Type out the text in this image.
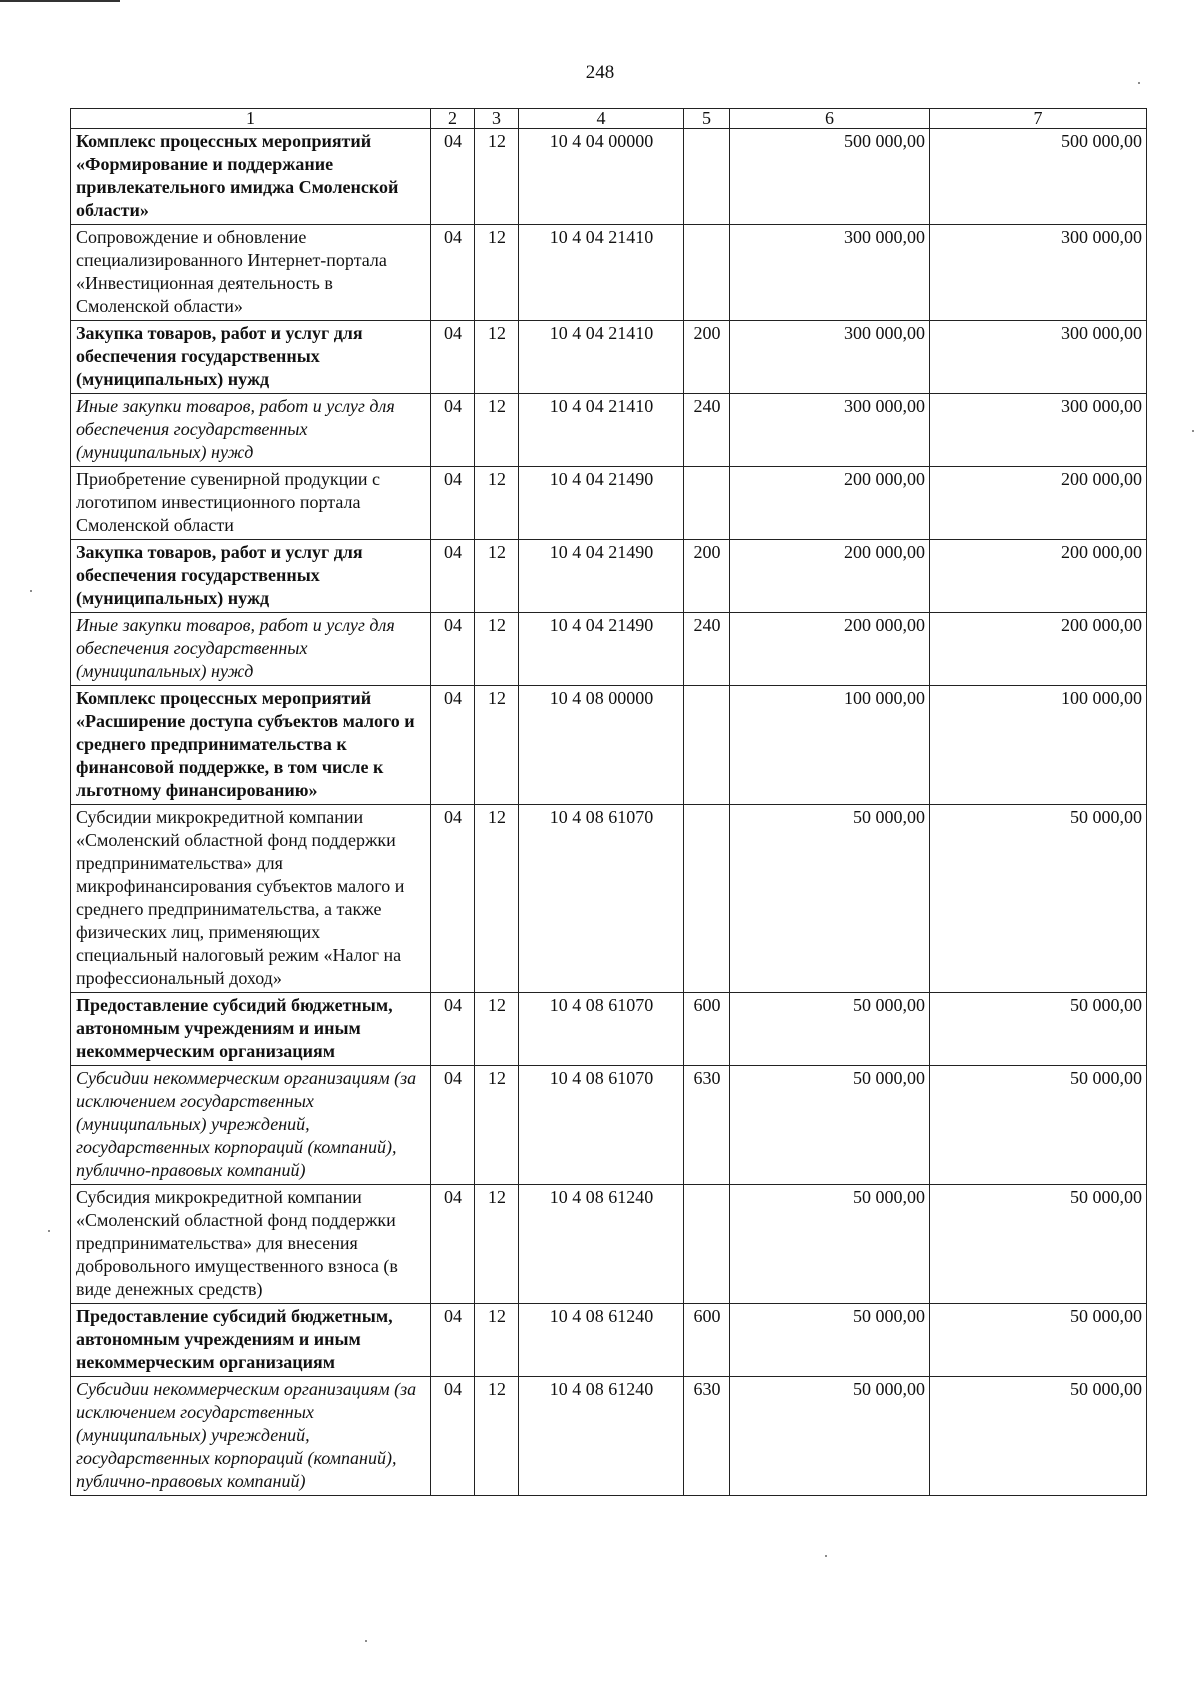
248
1	2	3	4	5	6	7
Комплекс процессных мероприятий «Формирование и поддержание привлекательного имиджа Смоленской области»	04	12	10 4 04 00000		500 000,00	500 000,00
Сопровождение и обновление специализированного Интернет-портала «Инвестиционная деятельность в Смоленской области»	04	12	10 4 04 21410		300 000,00	300 000,00
Закупка товаров, работ и услуг для обеспечения государственных (муниципальных) нужд	04	12	10 4 04 21410	200	300 000,00	300 000,00
Иные закупки товаров, работ и услуг для обеспечения государственных (муниципальных) нужд	04	12	10 4 04 21410	240	300 000,00	300 000,00
Приобретение сувенирной продукции с логотипом инвестиционного портала Смоленской области	04	12	10 4 04 21490		200 000,00	200 000,00
Закупка товаров, работ и услуг для обеспечения государственных (муниципальных) нужд	04	12	10 4 04 21490	200	200 000,00	200 000,00
Иные закупки товаров, работ и услуг для обеспечения государственных (муниципальных) нужд	04	12	10 4 04 21490	240	200 000,00	200 000,00
Комплекс процессных мероприятий «Расширение доступа субъектов малого и среднего предпринимательства к финансовой поддержке, в том числе к льготному финансированию»	04	12	10 4 08 00000		100 000,00	100 000,00
Субсидии микрокредитной компании «Смоленский областной фонд поддержки предпринимательства» для микрофинансирования субъектов малого и среднего предпринимательства, а также физических лиц, применяющих специальный налоговый режим «Налог на профессиональный доход»	04	12	10 4 08 61070		50 000,00	50 000,00
Предоставление субсидий бюджетным, автономным учреждениям и иным некоммерческим организациям	04	12	10 4 08 61070	600	50 000,00	50 000,00
Субсидии некоммерческим организациям (за исключением государственных (муниципальных) учреждений, государственных корпораций (компаний), публично-правовых компаний)	04	12	10 4 08 61070	630	50 000,00	50 000,00
Субсидия микрокредитной компании «Смоленский областной фонд поддержки предпринимательства» для внесения добровольного имущественного взноса (в виде денежных средств)	04	12	10 4 08 61240		50 000,00	50 000,00
Предоставление субсидий бюджетным, автономным учреждениям и иным некоммерческим организациям	04	12	10 4 08 61240	600	50 000,00	50 000,00
Субсидии некоммерческим организациям (за исключением государственных (муниципальных) учреждений, государственных корпораций (компаний), публично-правовых компаний)	04	12	10 4 08 61240	630	50 000,00	50 000,00
